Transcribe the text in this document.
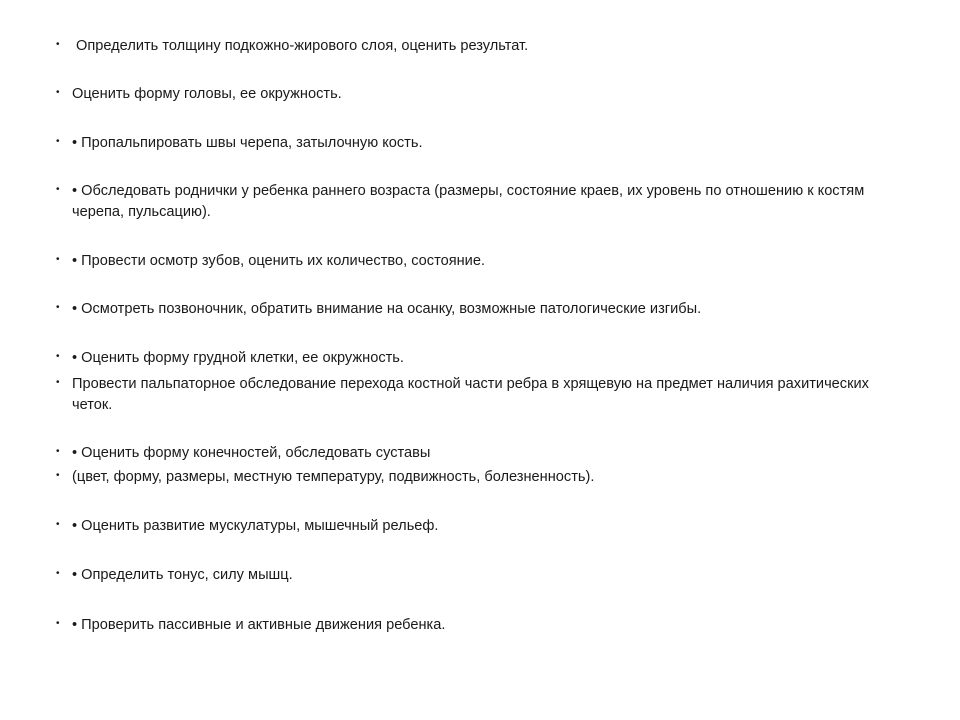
• Определить толщину подкожно-жирового слоя, оценить результат.
• Оценить форму головы, ее окружность.
• • Пропальпировать швы черепа, затылочную кость.
• • Обследовать роднички у ребенка раннего возраста (размеры, состояние краев, их уровень по отношению к костям черепа, пульсацию).
• • Провести осмотр зубов, оценить их количество, состояние.
• • Осмотреть позвоночник, обратить внимание на осанку, возможные патологические изгибы.
• • Оценить форму грудной клетки, ее окружность.
• Провести пальпаторное обследование перехода костной части ребра в хрящевую на предмет наличия рахитических четок.
• • Оценить форму конечностей, обследовать суставы
• (цвет, форму, размеры, местную температуру, подвижность, болезненность).
• • Оценить развитие мускулатуры, мышечный рельеф.
• • Определить тонус, силу мышц.
• • Проверить пассивные и активные движения ребенка.
